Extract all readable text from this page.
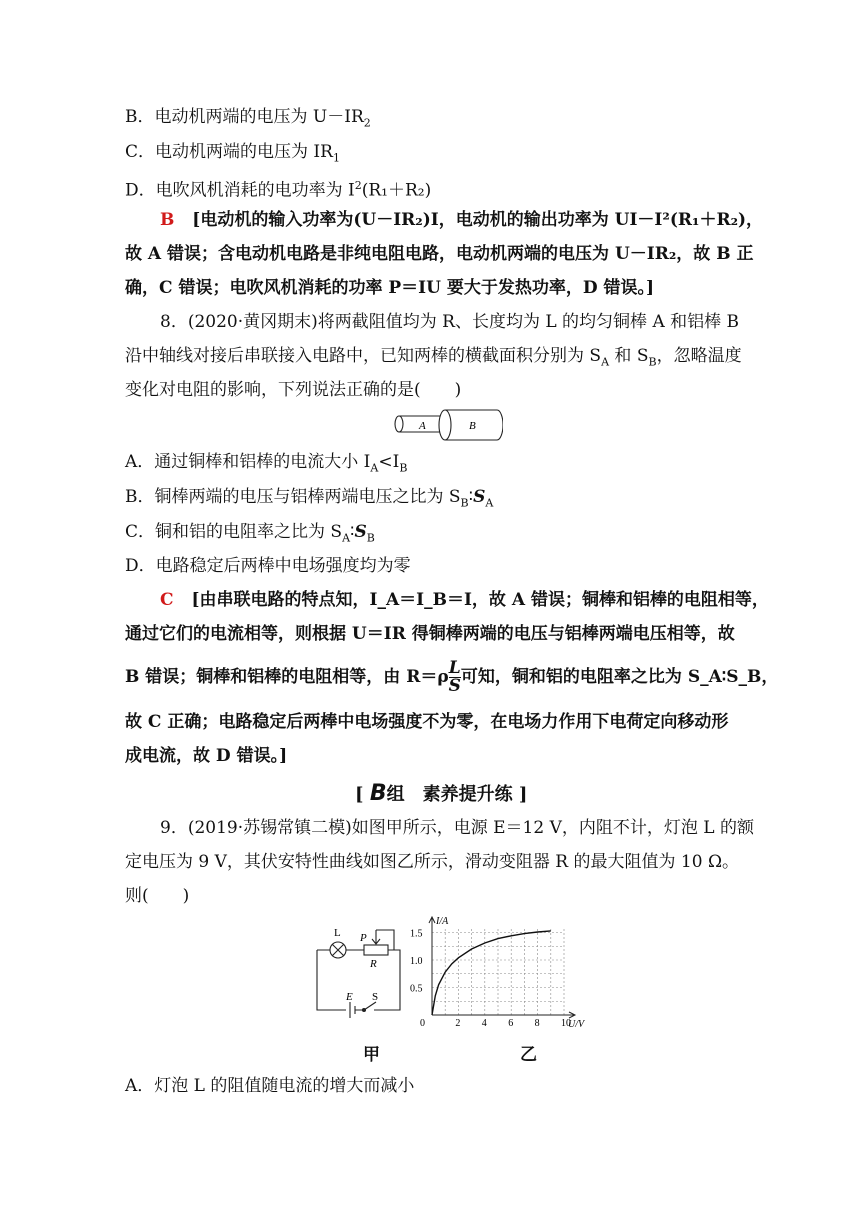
B．电动机两端的电压为 $U-IR_2$
C．电动机两端的电压为 $IR_1$
D．电吹风机消耗的电功率为 $I^2(R_1+R_2)$
B [电动机的输入功率为(U－IR₂)I，电动机的输出功率为 UI－I²(R₁＋R₂)，
故 A 错误；含电动机电路是非纯电阻电路，电动机两端的电压为 U－IR₂，故 B 正
确，C 错误；电吹风机消耗的功率 P＝IU 要大于发热功率，D 错误。]
8．(2020·黄冈期末)将两截阻值均为 R、长度均为 L 的均匀铜棒 A 和铝棒 B
沿中轴线对接后串联接入电路中，已知两棒的横截面积分别为 $S_A$ 和 $S_B$，忽略温度
变化对电阻的影响，下列说法正确的是(　　)
A	B
A．通过铜棒和铝棒的电流大小 $I_A<I_B$
B．铜棒两端的电压与铝棒两端电压之比为 $S_B∶S_A$
C．铜和铝的电阻率之比为 $S_A∶S_B$
D．电路稳定后两棒中电场强度均为零
C [由串联电路的特点知，I_A＝I_B＝I，故 A 错误；铜棒和铝棒的电阻相等，
通过它们的电流相等，则根据 U＝IR 得铜棒两端的电压与铝棒两端电压相等，故
B 错误；铜棒和铝棒的电阻相等，由 $R=\rho \frac{L}{S}$ 可知，铜和铝的电阻率之比为 S_A∶S_B，
故 C 正确；电路稳定后两棒中电场强度不为零，在电场力作用下电荷定向移动形
成电流，故 D 错误。]
[ B组　素养提升练 ]
9．(2019·苏锡常镇二模)如图甲所示，电源 E＝12 V，内阻不计，灯泡 L 的额
定电压为 9 V，其伏安特性曲线如图乙所示，滑动变阻器 R 的最大阻值为 10 Ω。
则(　　)
L P
R
E S
0	2 4 6 8 10
0.5
1.0
1.5
U/V
I/A
甲	乙
A．灯泡 L 的阻值随电流的增大而减小
